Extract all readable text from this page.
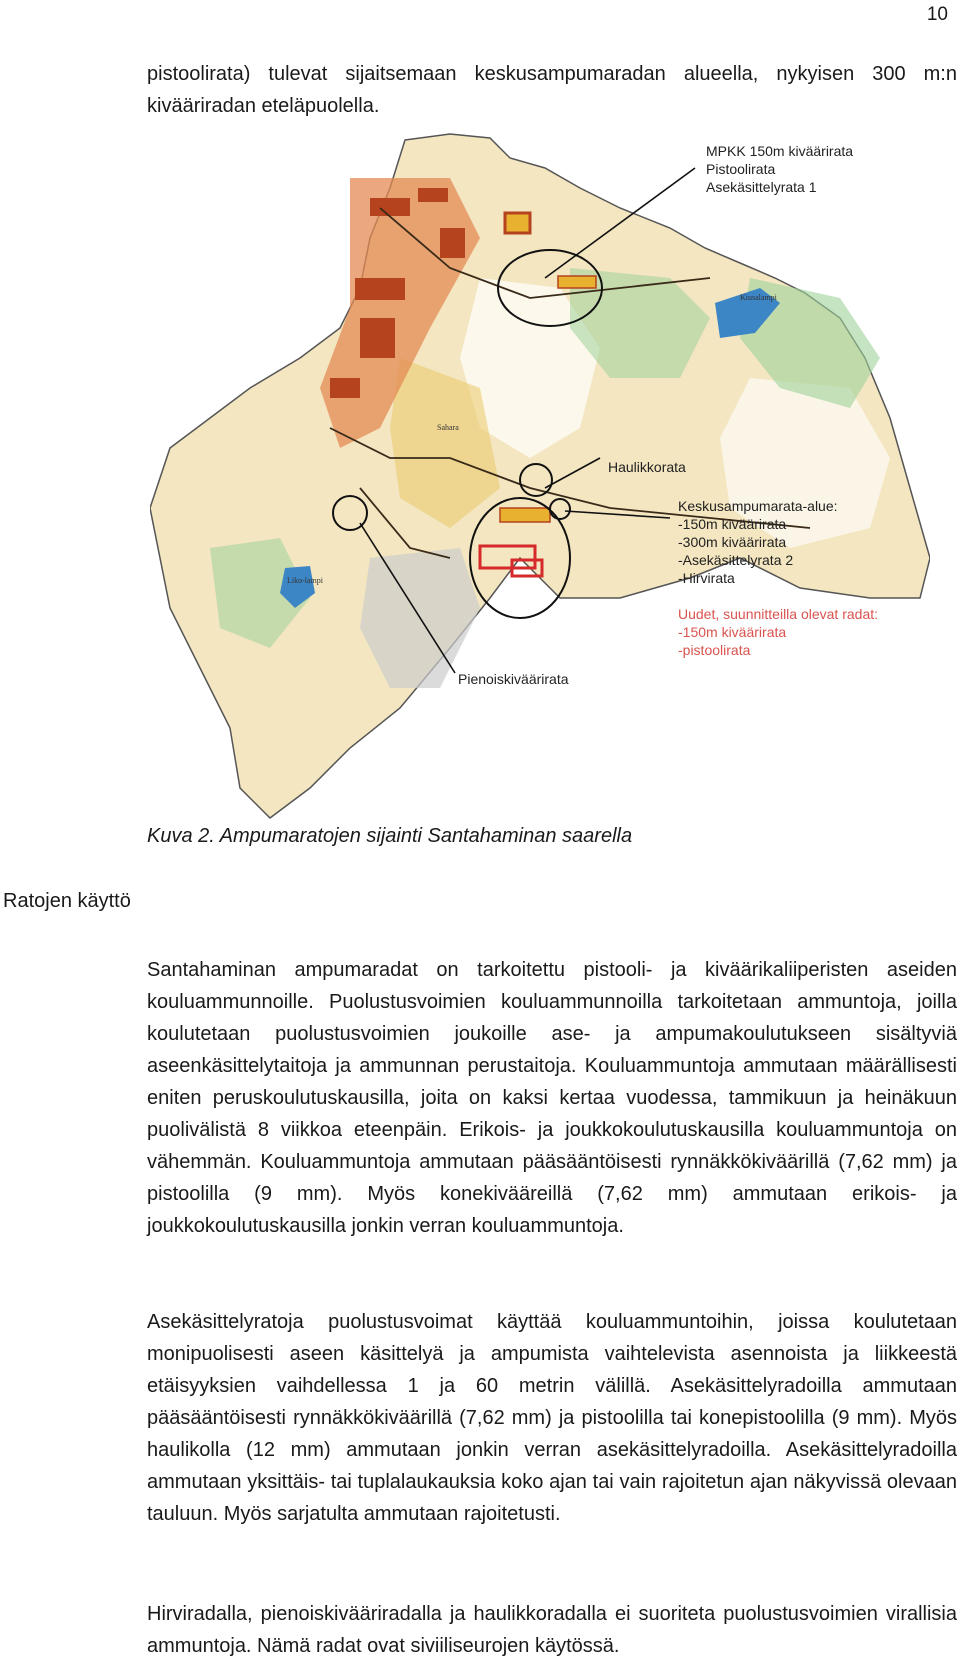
10

pistoolirata) tulevat sijaitsemaan keskusampumaradan alueella, nykyisen 300 m:n kivääriradan eteläpuolella.

Kiusalampi
Liko-lampi
Sahara
MPKK 150m kivääriratа
Pistoolirata
Asekäsittelyrata 1
Haulikkorata
Keskusampumarata-alue:
-150m kivääriratа
-300m kivääriratа
-Asekäsittelyrata 2
-Hirvirata
Uudet, suunnitteilla olevat radat:
-150m kivääriratа
-pistoolirata
Pienoiskivääriratа
Kuva 2. Ampumaratojen sijainti Santahaminan saarella
Ratojen käyttö

Santahaminan ampumaradat on tarkoitettu pistooli- ja kiväärikaliiperisten aseiden kouluammunnoille. Puolustusvoimien kouluammunnoilla tarkoitetaan ammuntoja, joilla koulutetaan puolustusvoimien joukoille ase- ja ampumakoulutukseen sisältyviä aseenkäsittelytaitoja ja ammunnan perustaitoja. Kouluammuntoja ammutaan määrällisesti eniten peruskoulutuskausilla, joita on kaksi kertaa vuodessa, tammikuun ja heinäkuun puolivälistä 8 viikkoa eteenpäin. Erikois- ja joukkokoulutuskausilla kouluammuntoja on vähemmän. Kouluammuntoja ammutaan pääsääntöisesti rynnäkkökiväärillä (7,62 mm) ja pistoolilla (9 mm). Myös konekivääreillä (7,62 mm) ammutaan erikois- ja joukkokoulutuskausilla jonkin verran kouluammuntoja.

Asekäsittelyratoja puolustusvoimat käyttää kouluammuntoihin, joissa koulutetaan monipuolisesti aseen käsittelyä ja ampumista vaihtelevista asennoista ja liikkeestä etäisyyksien vaihdellessa 1 ja 60 metrin välillä. Asekäsittelyradoilla ammutaan pääsääntöisesti rynnäkkökiväärillä (7,62 mm) ja pistoolilla tai konepistoolilla (9 mm). Myös haulikolla (12 mm) ammutaan jonkin verran asekäsittelyradoilla. Asekäsittelyradoilla ammutaan yksittäis- tai tuplalaukauksia koko ajan tai vain rajoitetun ajan näkyvissä olevaan tauluun. Myös sarjatulta ammutaan rajoitetusti.

Hirviradalla, pienoiskivääriradalla ja haulikkoradalla ei suoriteta puolustusvoimien virallisia ammuntoja. Nämä radat ovat siviiliseurojen käytössä.
